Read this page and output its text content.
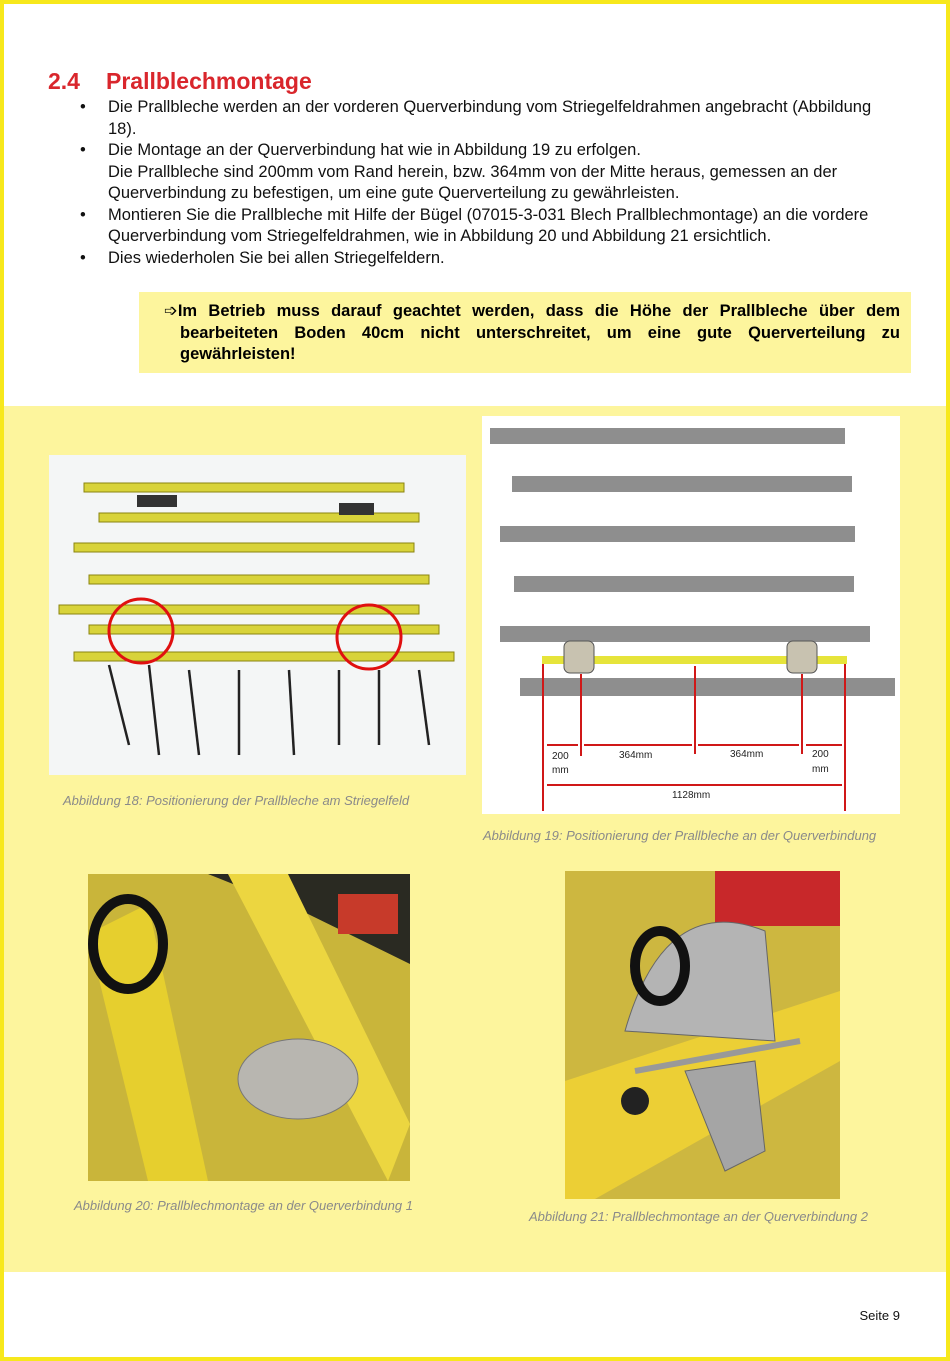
2.4 Prallblechmontage
• Die Prallbleche werden an der vorderen Querverbindung vom Striegelfeldrahmen angebracht (Abbildung 18).
• Die Montage an der Querverbindung hat wie in Abbildung 19 zu erfolgen.
Die Prallbleche sind 200mm vom Rand herein, bzw. 364mm von der Mitte heraus, gemessen an der Querverbindung zu befestigen, um eine gute Querverteilung zu gewährleisten.
• Montieren Sie die Prallbleche mit Hilfe der Bügel (07015-3-031 Blech Prallblechmontage) an die vordere Querverbindung vom Striegelfeldrahmen, wie in Abbildung 20 und Abbildung 21 ersichtlich.
• Dies wiederholen Sie bei allen Striegelfeldern.

➩Im Betrieb muss darauf geachtet werden, dass die Höhe der Prallbleche über dem bearbeiteten Boden 40cm nicht unterschreitet, um eine gute Querverteilung zu gewährleisten!

Abbildung 18: Positionierung der Prallbleche am Striegelfeld
200
mm
364mm	364mm	200
mm
1128mm
Abbildung 19: Positionierung der Prallbleche an der Querverbindung
Abbildung 20: Prallblechmontage an der Querverbindung 1
Abbildung 21: Prallblechmontage an der Querverbindung 2
Seite 9
